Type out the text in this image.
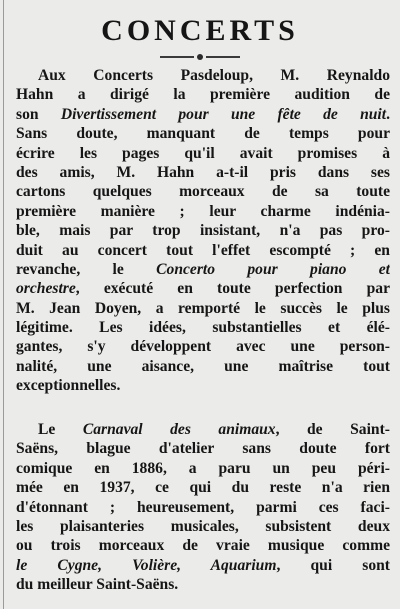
CONCERTS
Aux Concerts Pasdeloup, M. Reynaldo
Hahn a dirigé la première audition de
son Divertissement pour une fête de nuit.
Sans doute, manquant de temps pour
écrire les pages qu'il avait promises à
des amis, M. Hahn a-t-il pris dans ses
cartons quelques morceaux de sa toute
première manière ; leur charme indénia-
ble, mais par trop insistant, n'a pas pro-
duit au concert tout l'effet escompté ; en
revanche, le Concerto pour piano et
orchestre, exécuté en toute perfection par
M. Jean Doyen, a remporté le succès le plus
légitime. Les idées, substantielles et élé-
gantes, s'y développent avec une person-
nalité, une aisance, une maîtrise tout
exceptionnelles.
Le Carnaval des animaux, de Saint-
Saëns, blague d'atelier sans doute fort
comique en 1886, a paru un peu péri-
mée en 1937, ce qui du reste n'a rien
d'étonnant ; heureusement, parmi ces faci-
les plaisanteries musicales, subsistent deux
ou trois morceaux de vraie musique comme
le Cygne, Volière, Aquarium, qui sont
du meilleur Saint-Saëns.
